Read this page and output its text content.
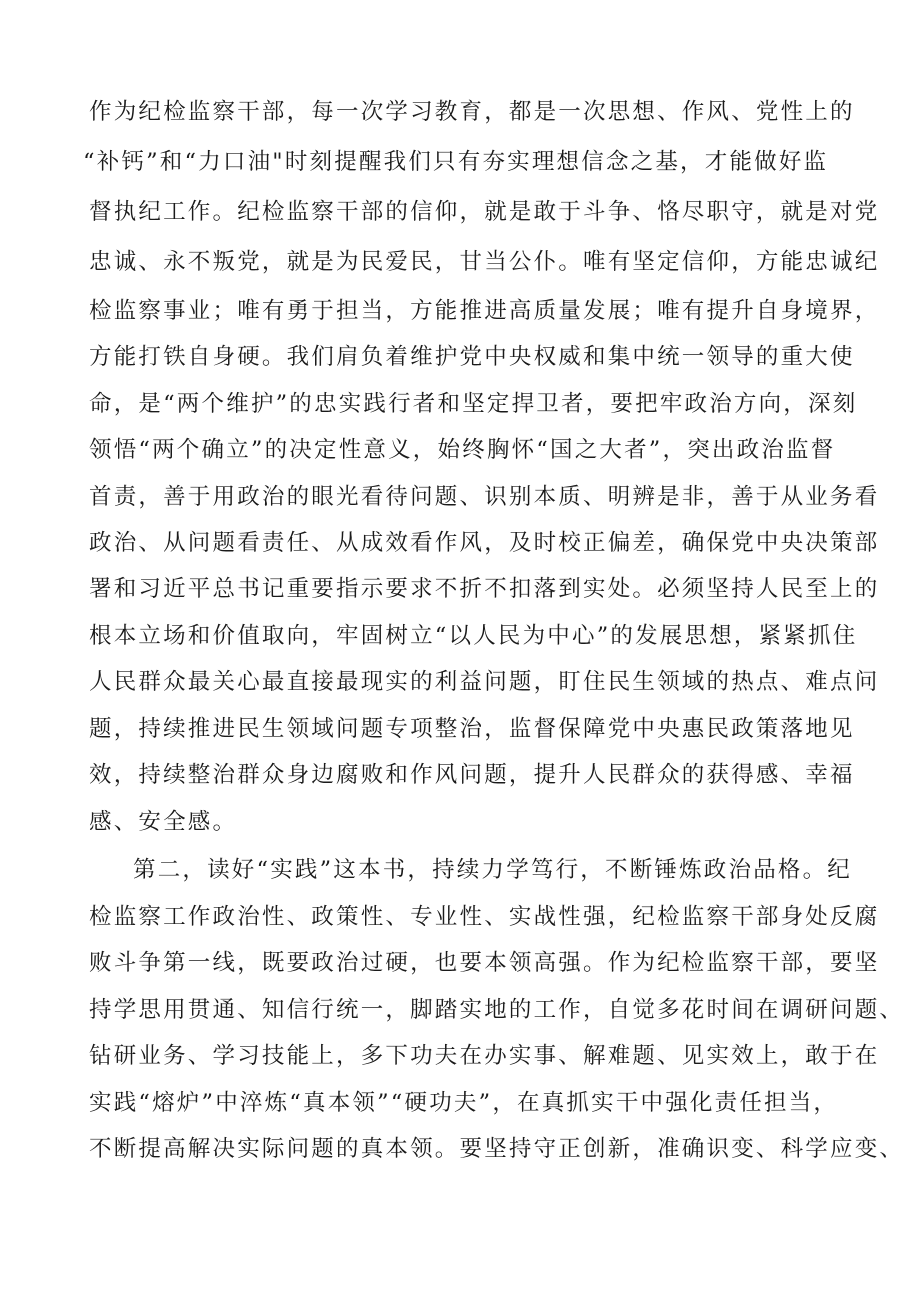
作为纪检监察干部，每一次学习教育，都是一次思想、作风、党性上的
“补钙”和“力口油"时刻提醒我们只有夯实理想信念之基，才能做好监
督执纪工作。纪检监察干部的信仰，就是敢于斗争、恪尽职守，就是对党
忠诚、永不叛党，就是为民爱民，甘当公仆。唯有坚定信仰，方能忠诚纪
检监察事业；唯有勇于担当，方能推进高质量发展；唯有提升自身境界，
方能打铁自身硬。我们肩负着维护党中央权威和集中统一领导的重大使
命，是“两个维护”的忠实践行者和坚定捍卫者，要把牢政治方向，深刻
领悟“两个确立”的决定性意义，始终胸怀“国之大者”，突出政治监督
首责，善于用政治的眼光看待问题、识别本质、明辨是非，善于从业务看
政治、从问题看责任、从成效看作风，及时校正偏差，确保党中央决策部
署和习近平总书记重要指示要求不折不扣落到实处。必须坚持人民至上的
根本立场和价值取向，牢固树立“以人民为中心”的发展思想，紧紧抓住
人民群众最关心最直接最现实的利益问题，盯住民生领域的热点、难点问
题，持续推进民生领域问题专项整治，监督保障党中央惠民政策落地见
效，持续整治群众身边腐败和作风问题，提升人民群众的获得感、幸福
感、安全感。
第二，读好“实践”这本书，持续力学笃行，不断锤炼政治品格。纪
检监察工作政治性、政策性、专业性、实战性强，纪检监察干部身处反腐
败斗争第一线，既要政治过硬，也要本领高强。作为纪检监察干部，要坚
持学思用贯通、知信行统一，脚踏实地的工作，自觉多花时间在调研问题、
钻研业务、学习技能上，多下功夫在办实事、解难题、见实效上，敢于在
实践“熔炉”中淬炼“真本领”“硬功夫”，在真抓实干中强化责任担当，
不断提高解决实际问题的真本领。要坚持守正创新，准确识变、科学应变、
